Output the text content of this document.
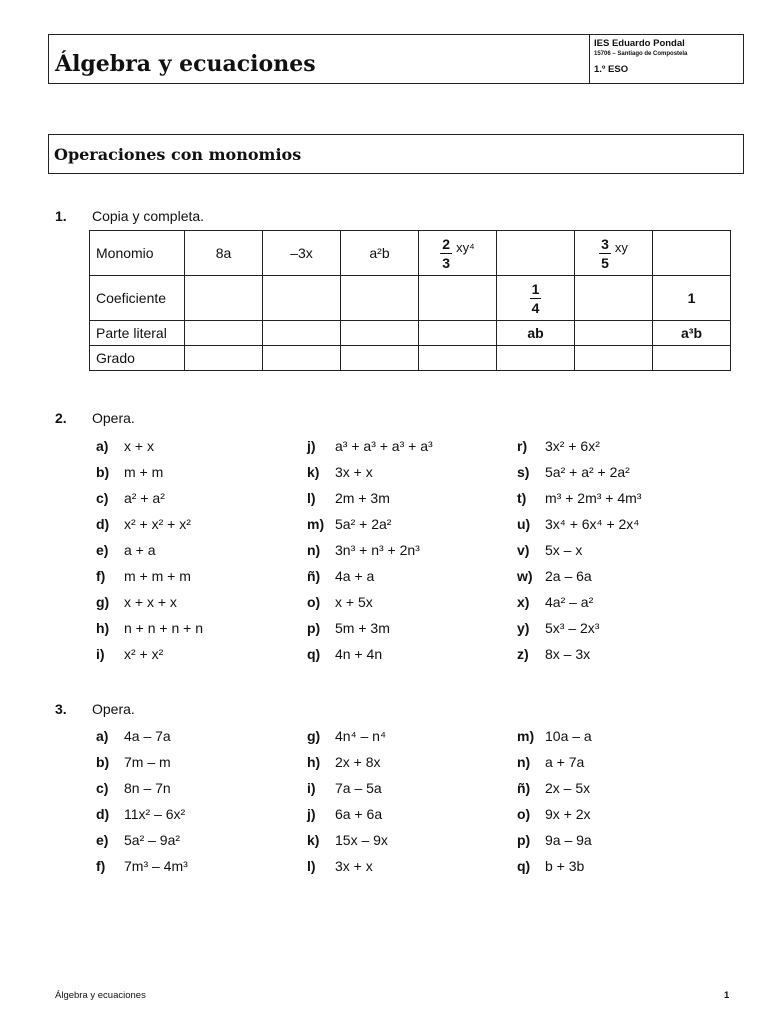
Álgebra y ecuaciones
IES Eduardo Pondal
15706 – Santiago de Compostela
1.º ESO
Operaciones con monomios
1. Copia y completa.
Monomio	8a	–3x	a²b	$\frac{2}{3} xy^4$		$\frac{3}{5}$ xy	

Coeficiente					$\frac{1}{4}$		1
Parte literal					ab		a³b
Grado							
2. Opera.
a) x + x
b) m + m
c) a² + a²
d) x² + x² + x²
e) a + a
f) m + m + m
g) x + x + x
h) n + n + n + n
i) x² + x²
j) a³ + a³ + a³ + a³
k) 3x + x
l) 2m + 3m
m) 5a² + 2a²
n) 3n³ + n³ + 2n³
ñ) 4a + a
o) x + 5x
p) 5m + 3m
q) 4n + 4n
r) 3x² + 6x²
s) 5a² + a² + 2a²
t) m³ + 2m³ + 4m³
u) 3x⁴ + 6x⁴ + 2x⁴
v) 5x – x
w) 2a – 6a
x) 4a² – a²
y) 5x³ – 2x³
z) 8x – 3x
3. Opera.
a) 4a – 7a
b) 7m – m
c) 8n – 7n
d) 11x² – 6x²
e) 5a² – 9a²
f) 7m³ – 4m³
g) 4n⁴ – n⁴
h) 2x + 8x
i) 7a – 5a
j) 6a + 6a
k) 15x – 9x
l) 3x + x
m) 10a – a
n) a + 7a
ñ) 2x – 5x
o) 9x + 2x
p) 9a – 9a
q) b + 3b
Álgebra y ecuaciones	1
